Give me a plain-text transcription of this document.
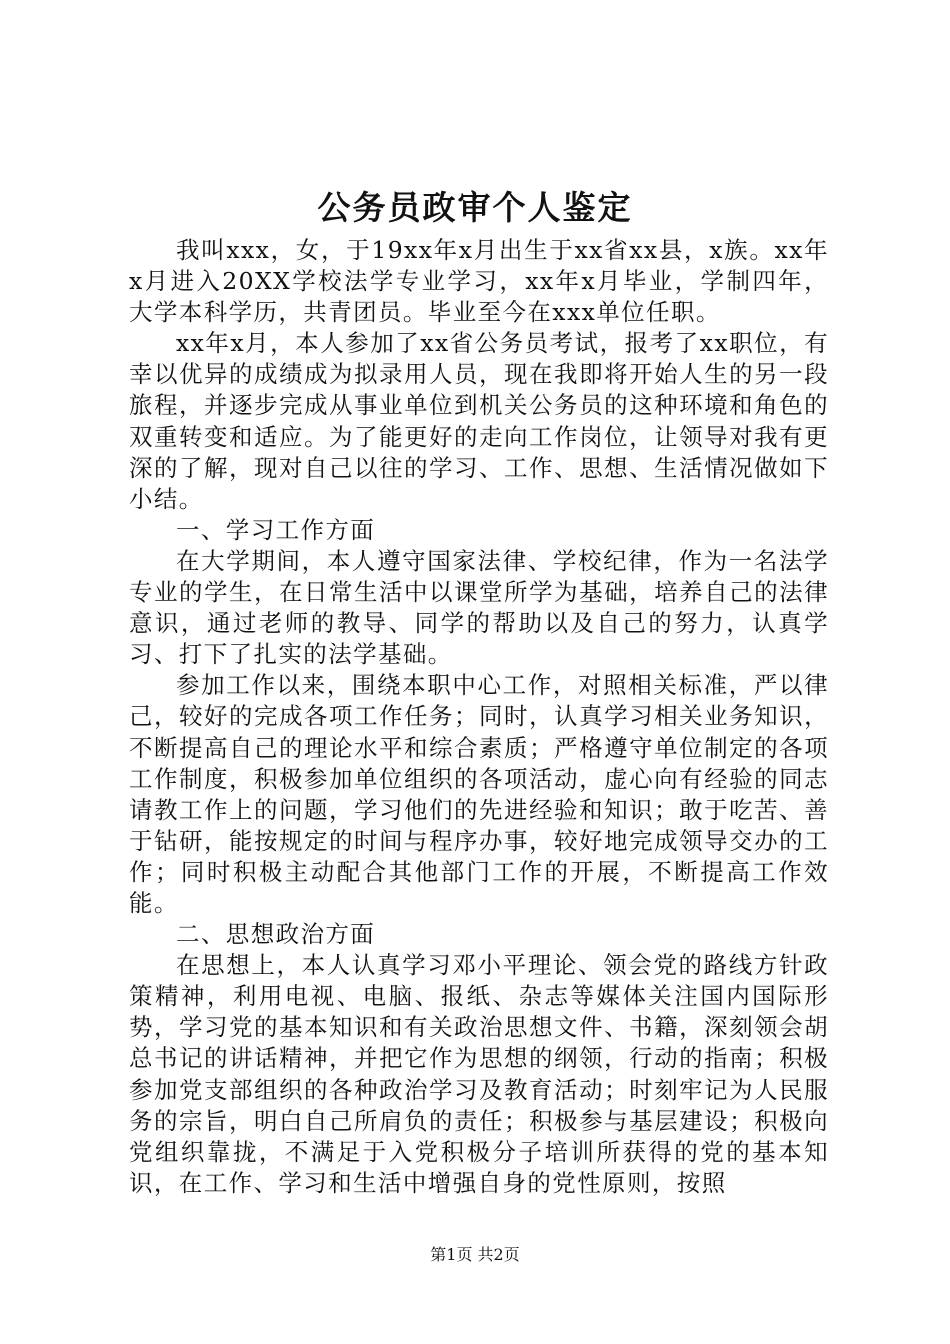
公务员政审个人鉴定

我叫xxx，女，于19xx年x月出生于xx省xx县，x族。xx年x月进入20XX学校法学专业学习，xx年x月毕业，学制四年，大学本科学历，共青团员。毕业至今在xxx单位任职。

xx年x月，本人参加了xx省公务员考试，报考了xx职位，有幸以优异的成绩成为拟录用人员，现在我即将开始人生的另一段旅程，并逐步完成从事业单位到机关公务员的这种环境和角色的双重转变和适应。为了能更好的走向工作岗位，让领导对我有更深的了解，现对自己以往的学习、工作、思想、生活情况做如下小结。

一、学习工作方面

在大学期间，本人遵守国家法律、学校纪律，作为一名法学专业的学生，在日常生活中以课堂所学为基础，培养自己的法律意识，通过老师的教导、同学的帮助以及自己的努力，认真学习、打下了扎实的法学基础。

参加工作以来，围绕本职中心工作，对照相关标准，严以律己，较好的完成各项工作任务；同时，认真学习相关业务知识，不断提高自己的理论水平和综合素质；严格遵守单位制定的各项工作制度，积极参加单位组织的各项活动，虚心向有经验的同志请教工作上的问题，学习他们的先进经验和知识；敢于吃苦、善于钻研，能按规定的时间与程序办事，较好地完成领导交办的工作；同时积极主动配合其他部门工作的开展，不断提高工作效能。

二、思想政治方面

在思想上，本人认真学习邓小平理论、领会党的路线方针政策精神，利用电视、电脑、报纸、杂志等媒体关注国内国际形势，学习党的基本知识和有关政治思想文件、书籍，深刻领会胡总书记的讲话精神，并把它作为思想的纲领，行动的指南；积极参加党支部组织的各种政治学习及教育活动；时刻牢记为人民服务的宗旨，明白自己所肩负的责任；积极参与基层建设；积极向党组织靠拢，不满足于入党积极分子培训所获得的党的基本知识，在工作、学习和生活中增强自身的党性原则，按照

第1页 共2页
